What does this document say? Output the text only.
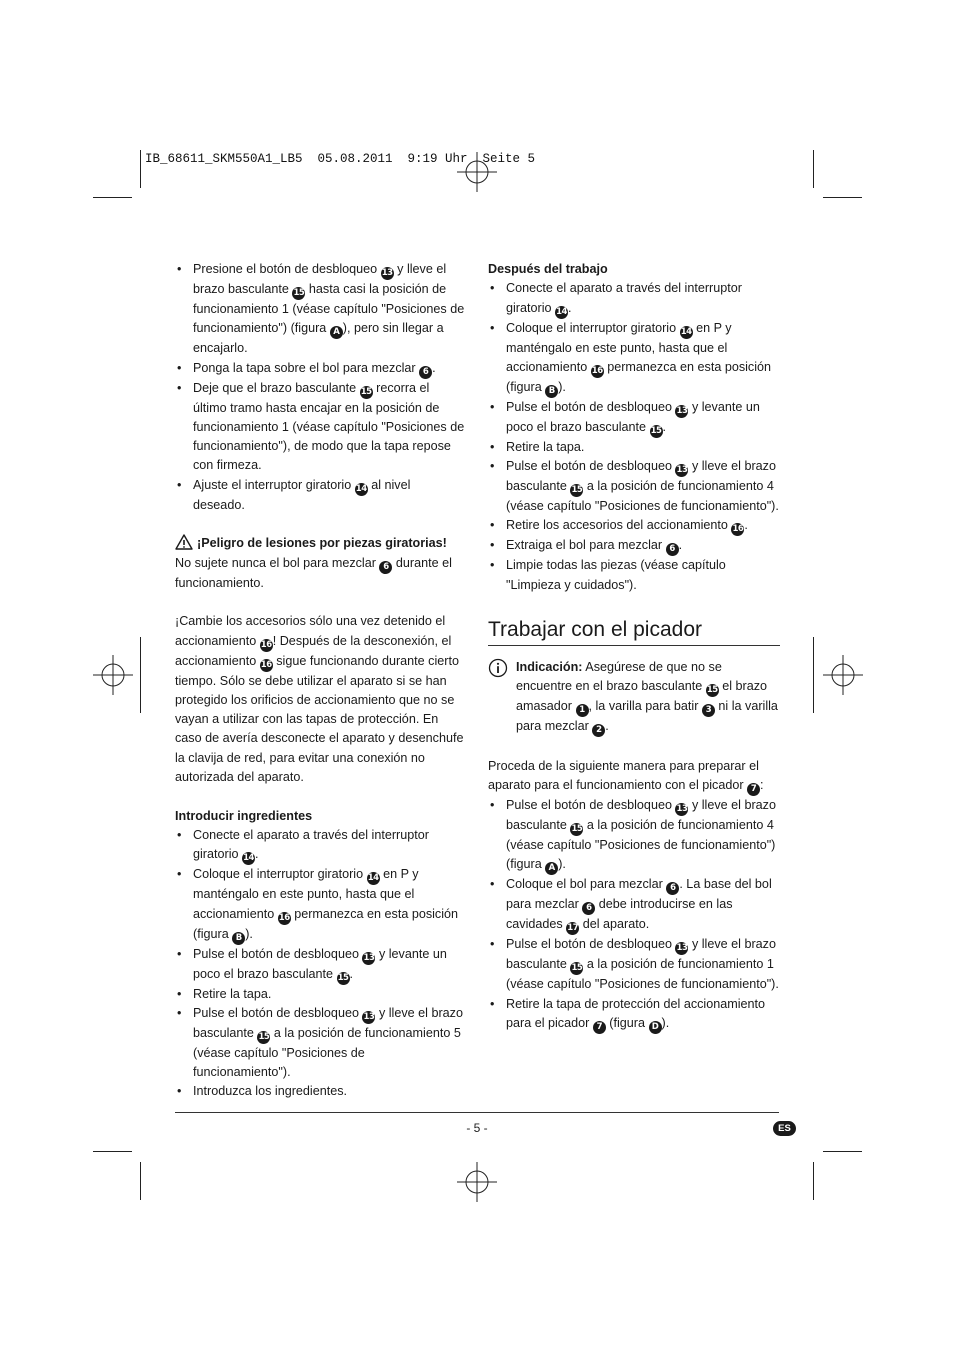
IB_68611_SKM550A1_LB5  05.08.2011  9:19 Uhr  Seite 5
• Presione el botón de desbloqueo 13 y lleve el brazo basculante 15 hasta casi la posición de funcionamiento 1 (véase capítulo "Posiciones de funcionamiento") (figura A ), pero sin llegar a encajarlo.
• Ponga la tapa sobre el bol para mezclar 6 .
• Deje que el brazo basculante 15 recorra el último tramo hasta encajar en la posición de funcionamiento 1 (véase capítulo "Posiciones de funcionamiento"), de modo que la tapa repose con firmeza.
• Ajuste el interruptor giratorio 14 al nivel deseado.

¡Peligro de lesiones por piezas giratorias!

No sujete nunca el bol para mezclar 6 durante el funcionamiento.

¡Cambie los accesorios sólo una vez detenido el accionamiento 16! Después de la desconexión, el accionamiento 16 sigue funcionando durante cierto tiempo. Sólo se debe utilizar el aparato si se han protegido los orificios de accionamiento que no se vayan a utilizar con las tapas de protección. En caso de avería desconecte el aparato y desenchufe la clavija de red, para evitar una conexión no autorizada del aparato.

Introducir ingredientes

• Conecte el aparato a través del interruptor giratorio 14.
• Coloque el interruptor giratorio 14 en P y manténgalo en este punto, hasta que el accionamiento 16 permanezca en esta posición (figura B ).
• Pulse el botón de desbloqueo 13 y levante un poco el brazo basculante 15.
• Retire la tapa.
• Pulse el botón de desbloqueo 13 y lleve el brazo basculante 15 a la posición de funcionamiento 5 (véase capítulo "Posiciones de funcionamiento").
• Introduzca los ingredientes.

Después del trabajo

• Conecte el aparato a través del interruptor giratorio 14.
• Coloque el interruptor giratorio 14 en P y manténgalo en este punto, hasta que el accionamiento 16 permanezca en esta posición (figura B ).
• Pulse el botón de desbloqueo 13 y levante un poco el brazo basculante 15.
• Retire la tapa.
• Pulse el botón de desbloqueo 13 y lleve el brazo basculante 15 a la posición de funcionamiento 4 (véase capítulo "Posiciones de funcionamiento").
• Retire los accesorios del accionamiento 16.
• Extraiga el bol para mezclar 6 .
• Limpie todas las piezas (véase capítulo "Limpieza y cuidados").
Trabajar con el picador

Indicación: Asegúrese de que no se encuentre en el brazo basculante 15 el brazo amasador 1 , la varilla para batir 3 ni la varilla para mezclar 2 .

Proceda de la siguiente manera para preparar el aparato para el funcionamiento con el picador 7 :

• Pulse el botón de desbloqueo 13 y lleve el brazo basculante 15 a la posición de funcionamiento 4 (véase capítulo "Posiciones de funcionamiento") (figura A ).
• Coloque el bol para mezclar 6 . La base del bol para mezclar 6 debe introducirse en las cavidades 17 del aparato.
• Pulse el botón de desbloqueo 13 y lleve el brazo basculante 15 a la posición de funcionamiento 1 (véase capítulo "Posiciones de funcionamiento").
• Retire la tapa de protección del accionamiento para el picador 7 (figura D ).
- 5 -	ES
